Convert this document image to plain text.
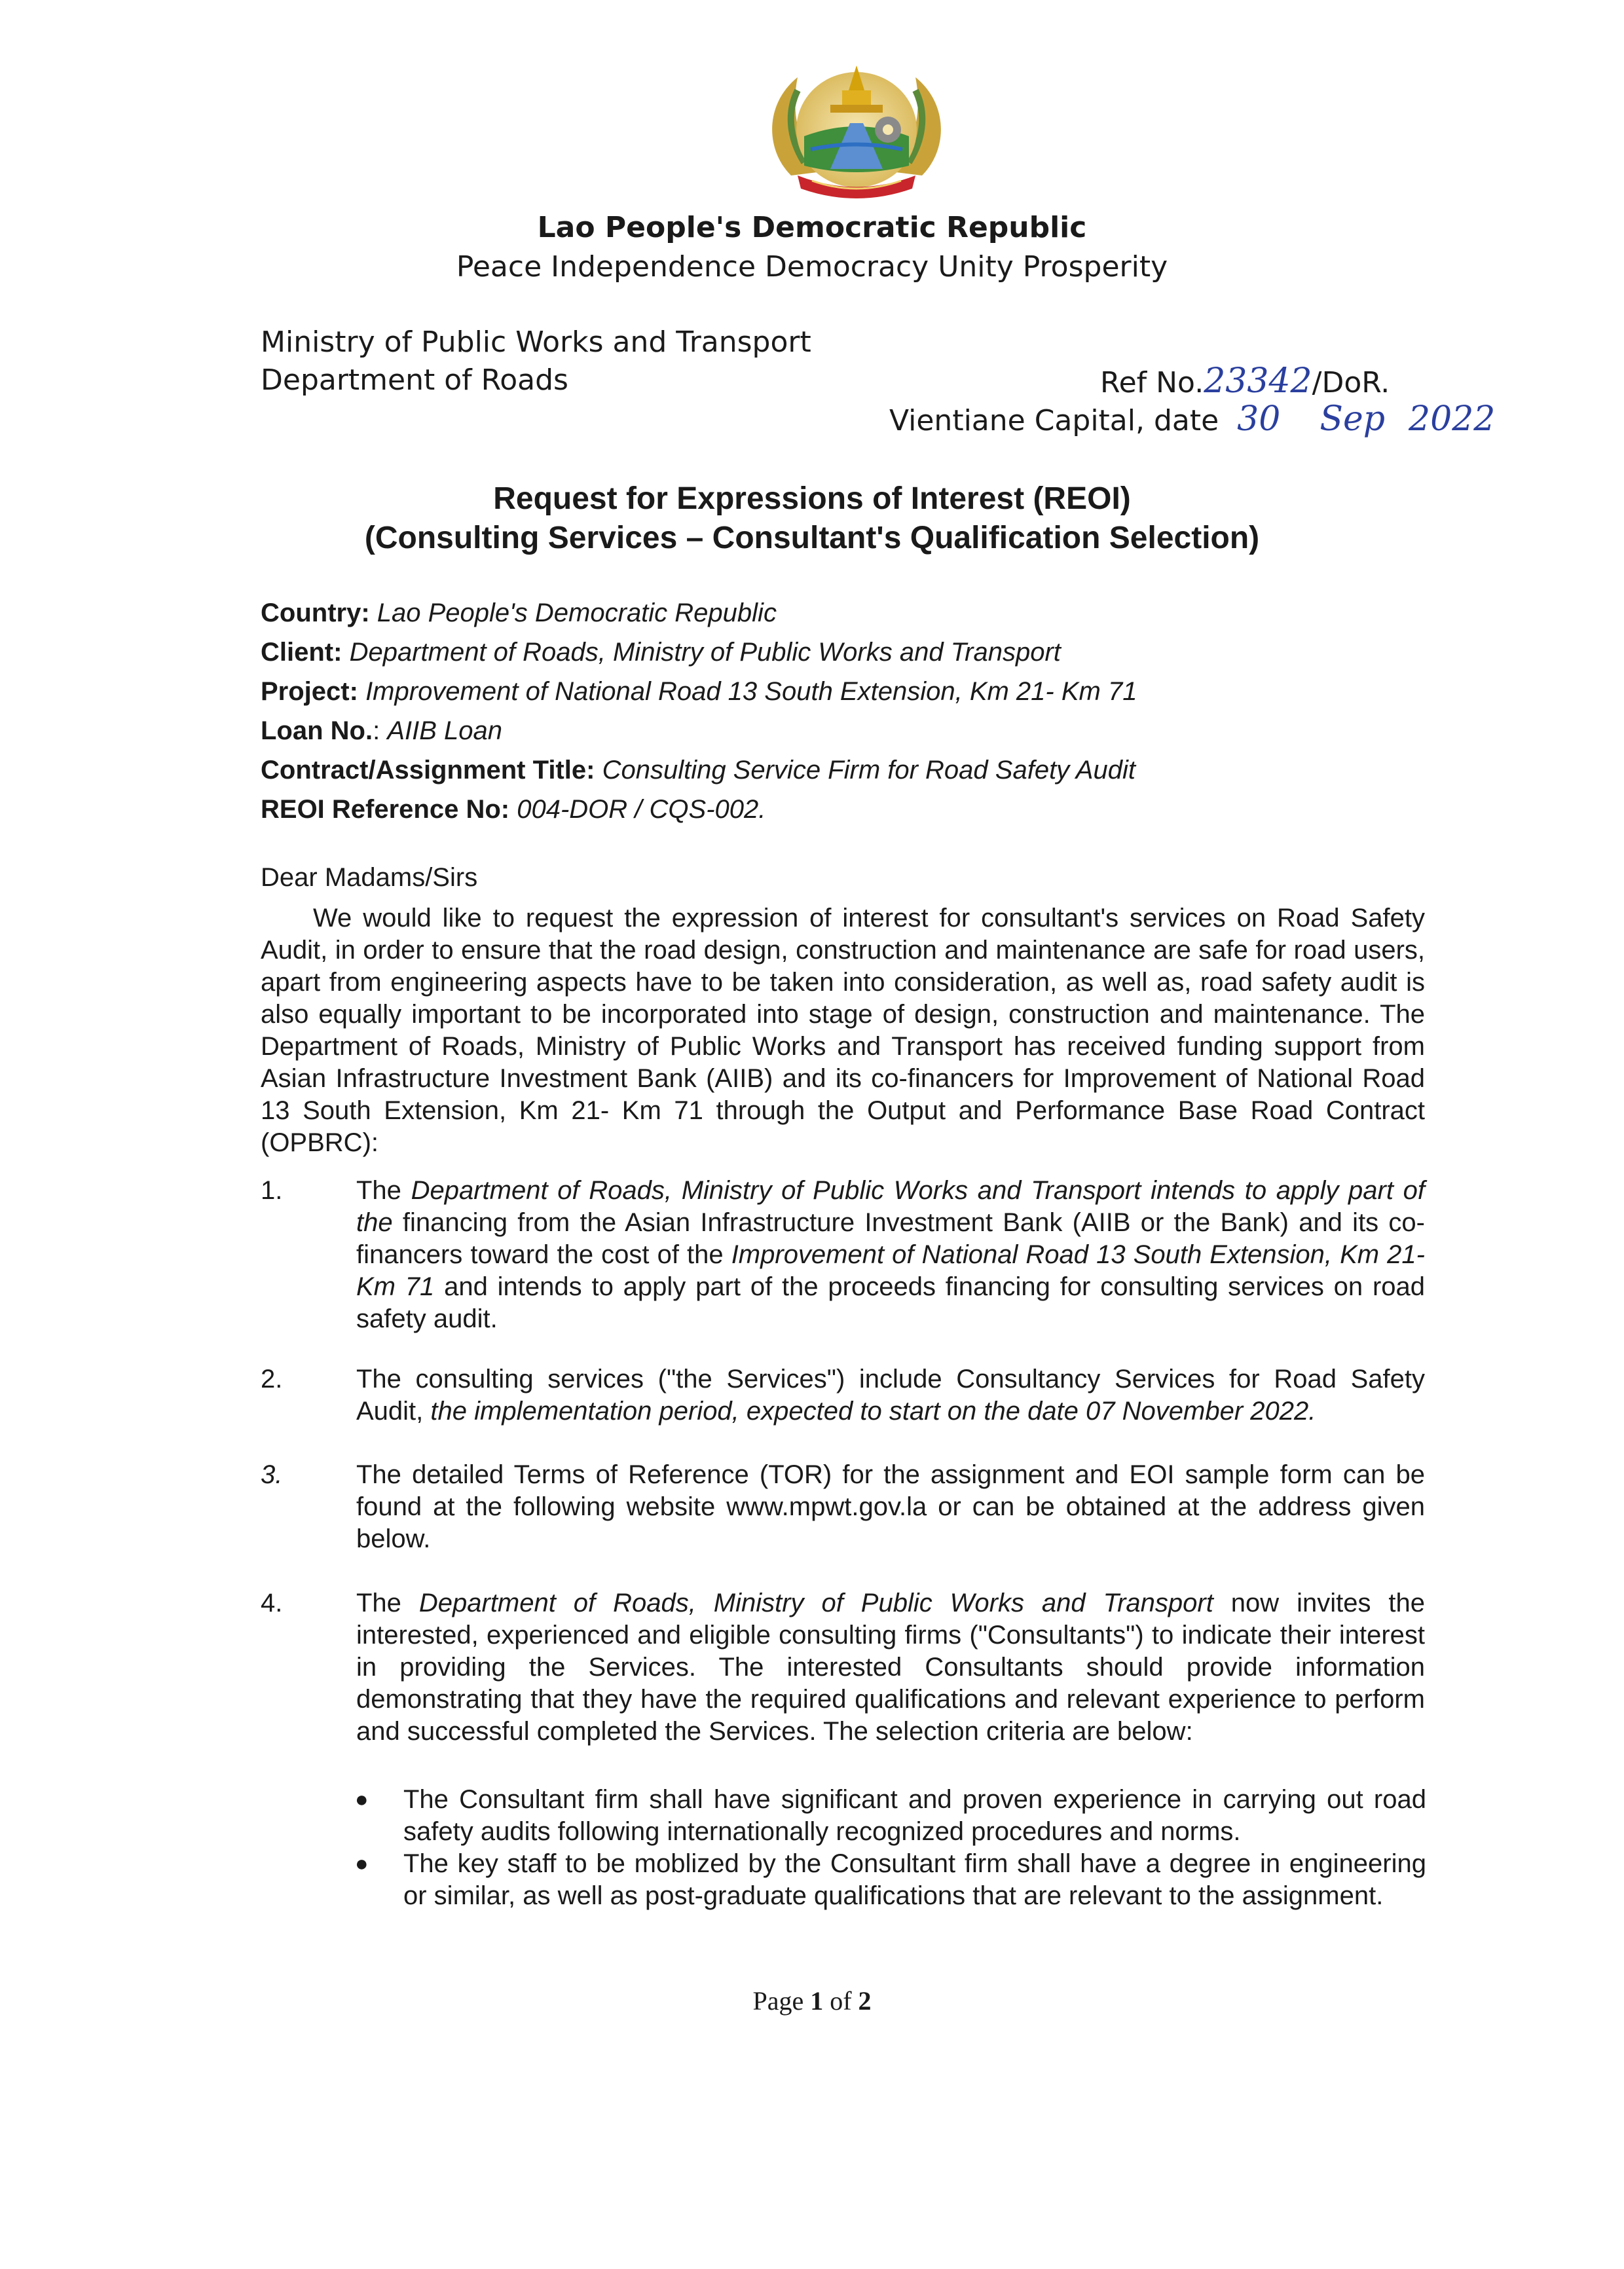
Lao People's Democratic Republic
Peace Independence Democracy Unity Prosperity
Ministry of Public Works and Transport
Department of Roads	Ref No.23342/DoR.
Vientiane Capital, date 30 Sep 2022
Request for Expressions of Interest (REOI)
(Consulting Services – Consultant's Qualification Selection)
Country: Lao People's Democratic Republic
Client: Department of Roads, Ministry of Public Works and Transport
Project: Improvement of National Road 13 South Extension, Km 21- Km 71
Loan No.: AIIB Loan
Contract/Assignment Title: Consulting Service Firm for Road Safety Audit
REOI Reference No: 004-DOR / CQS-002.
Dear Madams/Sirs
We would like to request the expression of interest for consultant's services on Road Safety Audit, in order to ensure that the road design, construction and maintenance are safe for road users, apart from engineering aspects have to be taken into consideration, as well as, road safety audit is also equally important to be incorporated into stage of design, construction and maintenance. The Department of Roads, Ministry of Public Works and Transport has received funding support from Asian Infrastructure Investment Bank (AIIB) and its co-financers for Improvement of National Road 13 South Extension, Km 21- Km 71 through the Output and Performance Base Road Contract (OPBRC):
1.	The Department of Roads, Ministry of Public Works and Transport intends to apply part of the financing from the Asian Infrastructure Investment Bank (AIIB or the Bank) and its co-financers toward the cost of the Improvement of National Road 13 South Extension, Km 21- Km 71 and intends to apply part of the proceeds financing for consulting services on road safety audit.
2.	The consulting services ("the Services") include Consultancy Services for Road Safety Audit, the implementation period, expected to start on the date 07 November 2022.
3.	The detailed Terms of Reference (TOR) for the assignment and EOI sample form can be found at the following website www.mpwt.gov.la or can be obtained at the address given below.
4.	The Department of Roads, Ministry of Public Works and Transport now invites the interested, experienced and eligible consulting firms ("Consultants") to indicate their interest in providing the Services. The interested Consultants should provide information demonstrating that they have the required qualifications and relevant experience to perform and successful completed the Services. The selection criteria are below:
● The Consultant firm shall have significant and proven experience in carrying out road safety audits following internationally recognized procedures and norms.
● The key staff to be moblized by the Consultant firm shall have a degree in engineering or similar, as well as post-graduate qualifications that are relevant to the assignment.
Page 1 of 2
